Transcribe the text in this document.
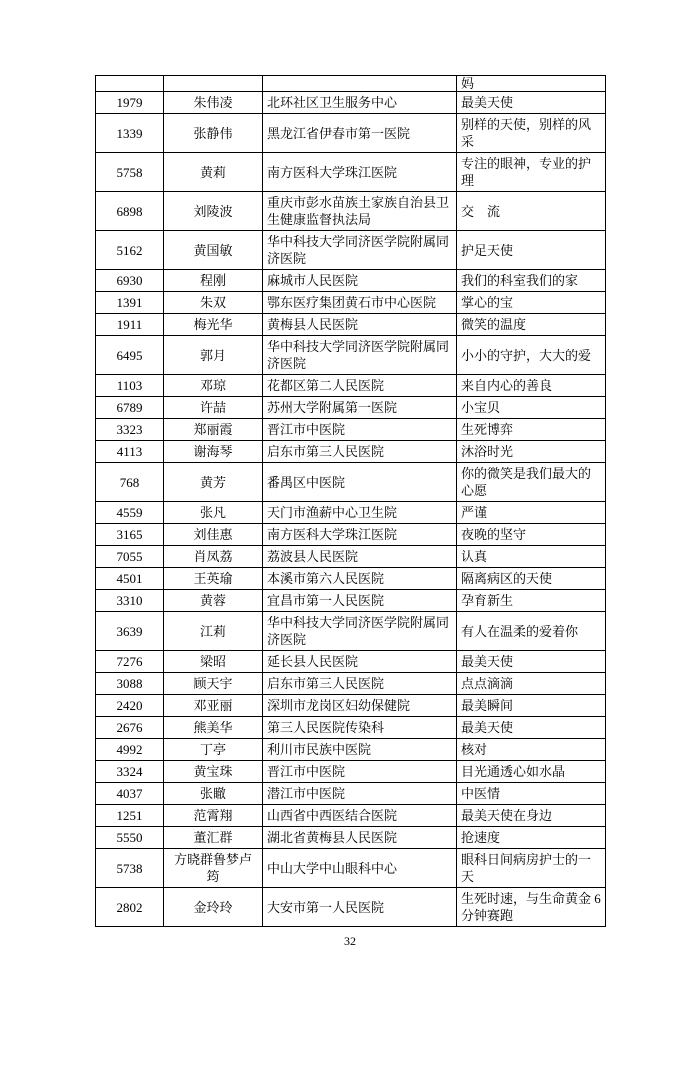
			妈
1979	朱伟凌	北环社区卫生服务中心	最美天使
1339	张静伟	黑龙江省伊春市第一医院	别样的天使，别样的风采
5758	黄莉	南方医科大学珠江医院	专注的眼神，专业的护理
6898	刘陵波	重庆市彭水苗族土家族自治县卫生健康监督执法局	交　流
5162	黄国敏	华中科技大学同济医学院附属同济医院	护足天使
6930	程刚	麻城市人民医院	我们的科室我们的家
1391	朱双	鄂东医疗集团黄石市中心医院	掌心的宝
1911	梅光华	黄梅县人民医院	微笑的温度
6495	郭月	华中科技大学同济医学院附属同济医院	小小的守护，大大的爱
1103	邓琼	花都区第二人民医院	来自内心的善良
6789	许喆	苏州大学附属第一医院	小宝贝
3323	郑丽霞	晋江市中医院	生死博弈
4113	谢海琴	启东市第三人民医院	沐浴时光
768	黄芳	番禺区中医院	你的微笑是我们最大的心愿
4559	张凡	天门市渔薪中心卫生院	严谨
3165	刘佳惠	南方医科大学珠江医院	夜晚的坚守
7055	肖凤荔	荔波县人民医院	认真
4501	王英瑜	本溪市第六人民医院	隔离病区的天使
3310	黄蓉	宜昌市第一人民医院	孕育新生
3639	江莉	华中科技大学同济医学院附属同济医院	有人在温柔的爱着你
7276	梁昭	延长县人民医院	最美天使
3088	顾天宇	启东市第三人民医院	点点滴滴
2420	邓亚丽	深圳市龙岗区妇幼保健院	最美瞬间
2676	熊美华	第三人民医院传染科	最美天使
4992	丁亭	利川市民族中医院	核对
3324	黄宝珠	晋江市中医院	目光通透心如水晶
4037	张瞮	潜江市中医院	中医情
1251	范霄翔	山西省中西医结合医院	最美天使在身边
5550	董汇群	湖北省黄梅县人民医院	抢速度
5738	方晓群鲁梦卢筠	中山大学中山眼科中心	眼科日间病房护士的一天
2802	金玲玲	大安市第一人民医院	生死时速，与生命黄金 6 分钟赛跑
32
